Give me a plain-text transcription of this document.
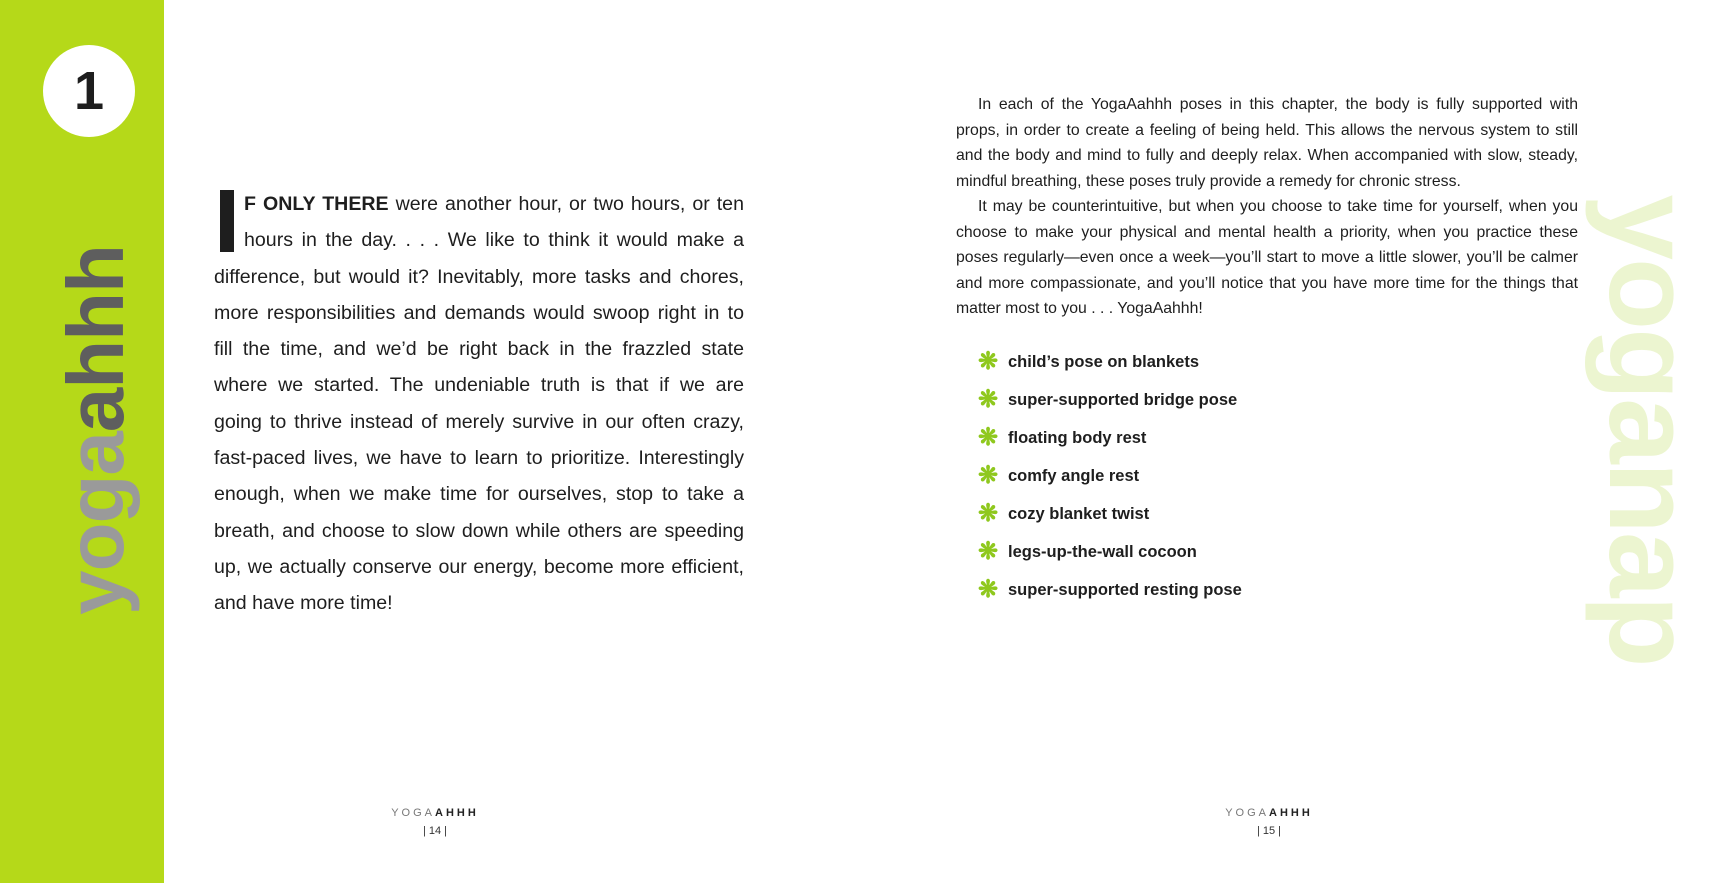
1
yogaahhh
F ONLY THERE were another hour, or two hours, or ten hours in the day. . . . We like to think it would make a difference, but would it? Inevitably, more tasks and chores, more responsibilities and demands would swoop right in to fill the time, and we’d be right back in the frazzled state where we started. The undeniable truth is that if we are going to thrive instead of merely survive in our often crazy, fast-paced lives, we have to learn to prioritize. Interestingly enough, when we make time for ourselves, stop to take a breath, and choose to slow down while others are speeding up, we actually conserve our energy, become more efficient, and have more time!
YOGAAHHH
| 14 |
yoganap

In each of the YogaAahhh poses in this chapter, the body is fully supported with props, in order to create a feeling of being held. This allows the nervous system to still and the body and mind to fully and deeply relax. When accompanied with slow, steady, mindful breathing, these poses truly provide a remedy for chronic stress.

It may be counterintuitive, but when you choose to take time for yourself, when you choose to make your physical and mental health a priority, when you practice these poses regularly—even once a week—you’ll start to move a little slower, you’ll be calmer and more compassionate, and you’ll notice that you have more time for the things that matter most to you . . . YogaAahhh!

❋ child’s pose on blankets
❋ super-supported bridge pose
❋ floating body rest
❋ comfy angle rest
❋ cozy blanket twist
❋ legs-up-the-wall cocoon
❋ super-supported resting pose
YOGAAHHH
| 15 |
